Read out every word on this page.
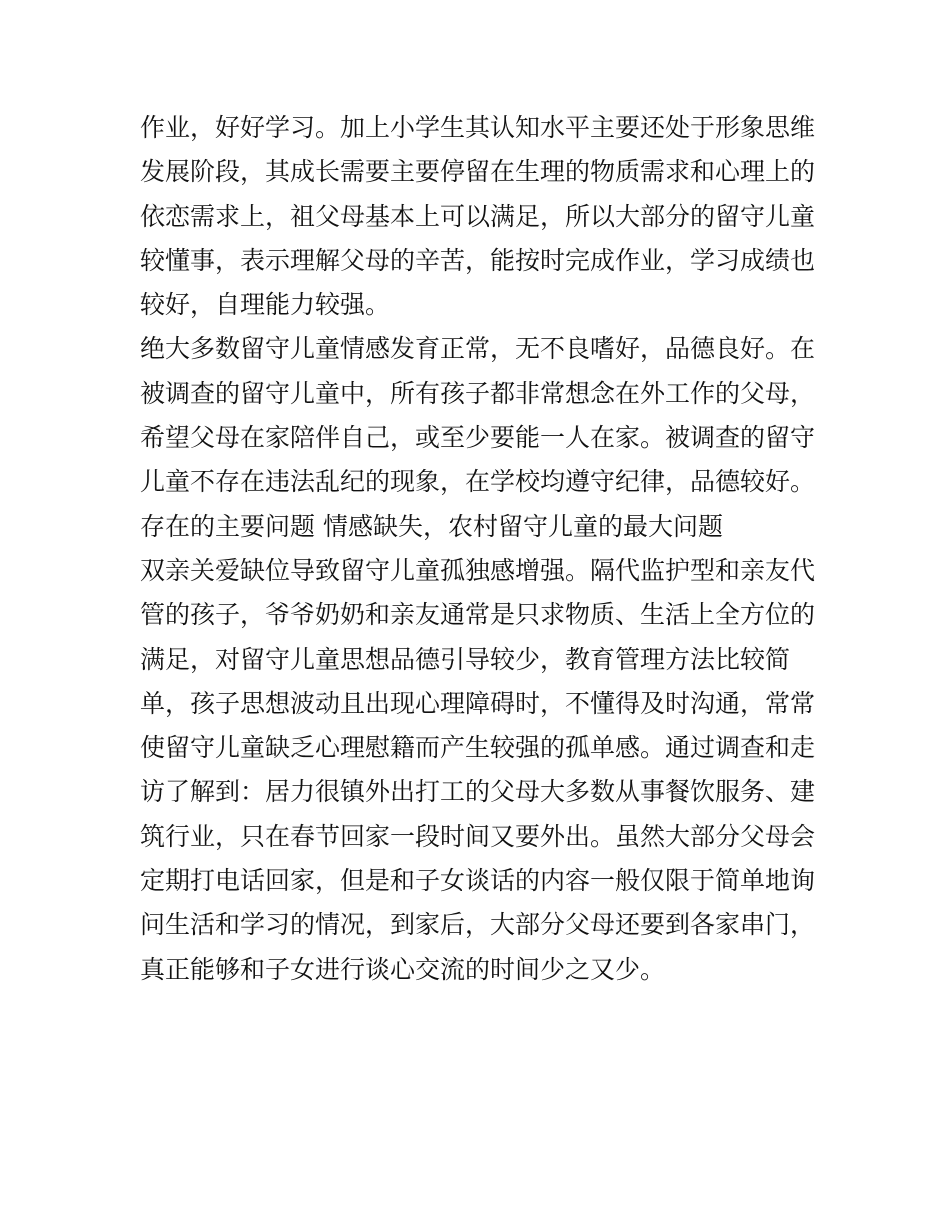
作业，好好学习。加上小学生其认知水平主要还处于形象思维
发展阶段，其成长需要主要停留在生理的物质需求和心理上的
依恋需求上，祖父母基本上可以满足，所以大部分的留守儿童
较懂事，表示理解父母的辛苦，能按时完成作业，学习成绩也
较好，自理能力较强。
绝大多数留守儿童情感发育正常，无不良嗜好，品德良好。在
被调查的留守儿童中，所有孩子都非常想念在外工作的父母，
希望父母在家陪伴自己，或至少要能一人在家。被调查的留守
儿童不存在违法乱纪的现象，在学校均遵守纪律，品德较好。
存在的主要问题 情感缺失，农村留守儿童的最大问题
双亲关爱缺位导致留守儿童孤独感增强。隔代监护型和亲友代
管的孩子，爷爷奶奶和亲友通常是只求物质、生活上全方位的
满足，对留守儿童思想品德引导较少，教育管理方法比较简
单，孩子思想波动且出现心理障碍时，不懂得及时沟通，常常
使留守儿童缺乏心理慰籍而产生较强的孤单感。通过调查和走
访了解到：居力很镇外出打工的父母大多数从事餐饮服务、建
筑行业，只在春节回家一段时间又要外出。虽然大部分父母会
定期打电话回家，但是和子女谈话的内容一般仅限于简单地询
问生活和学习的情况，到家后，大部分父母还要到各家串门，
真正能够和子女进行谈心交流的时间少之又少。
